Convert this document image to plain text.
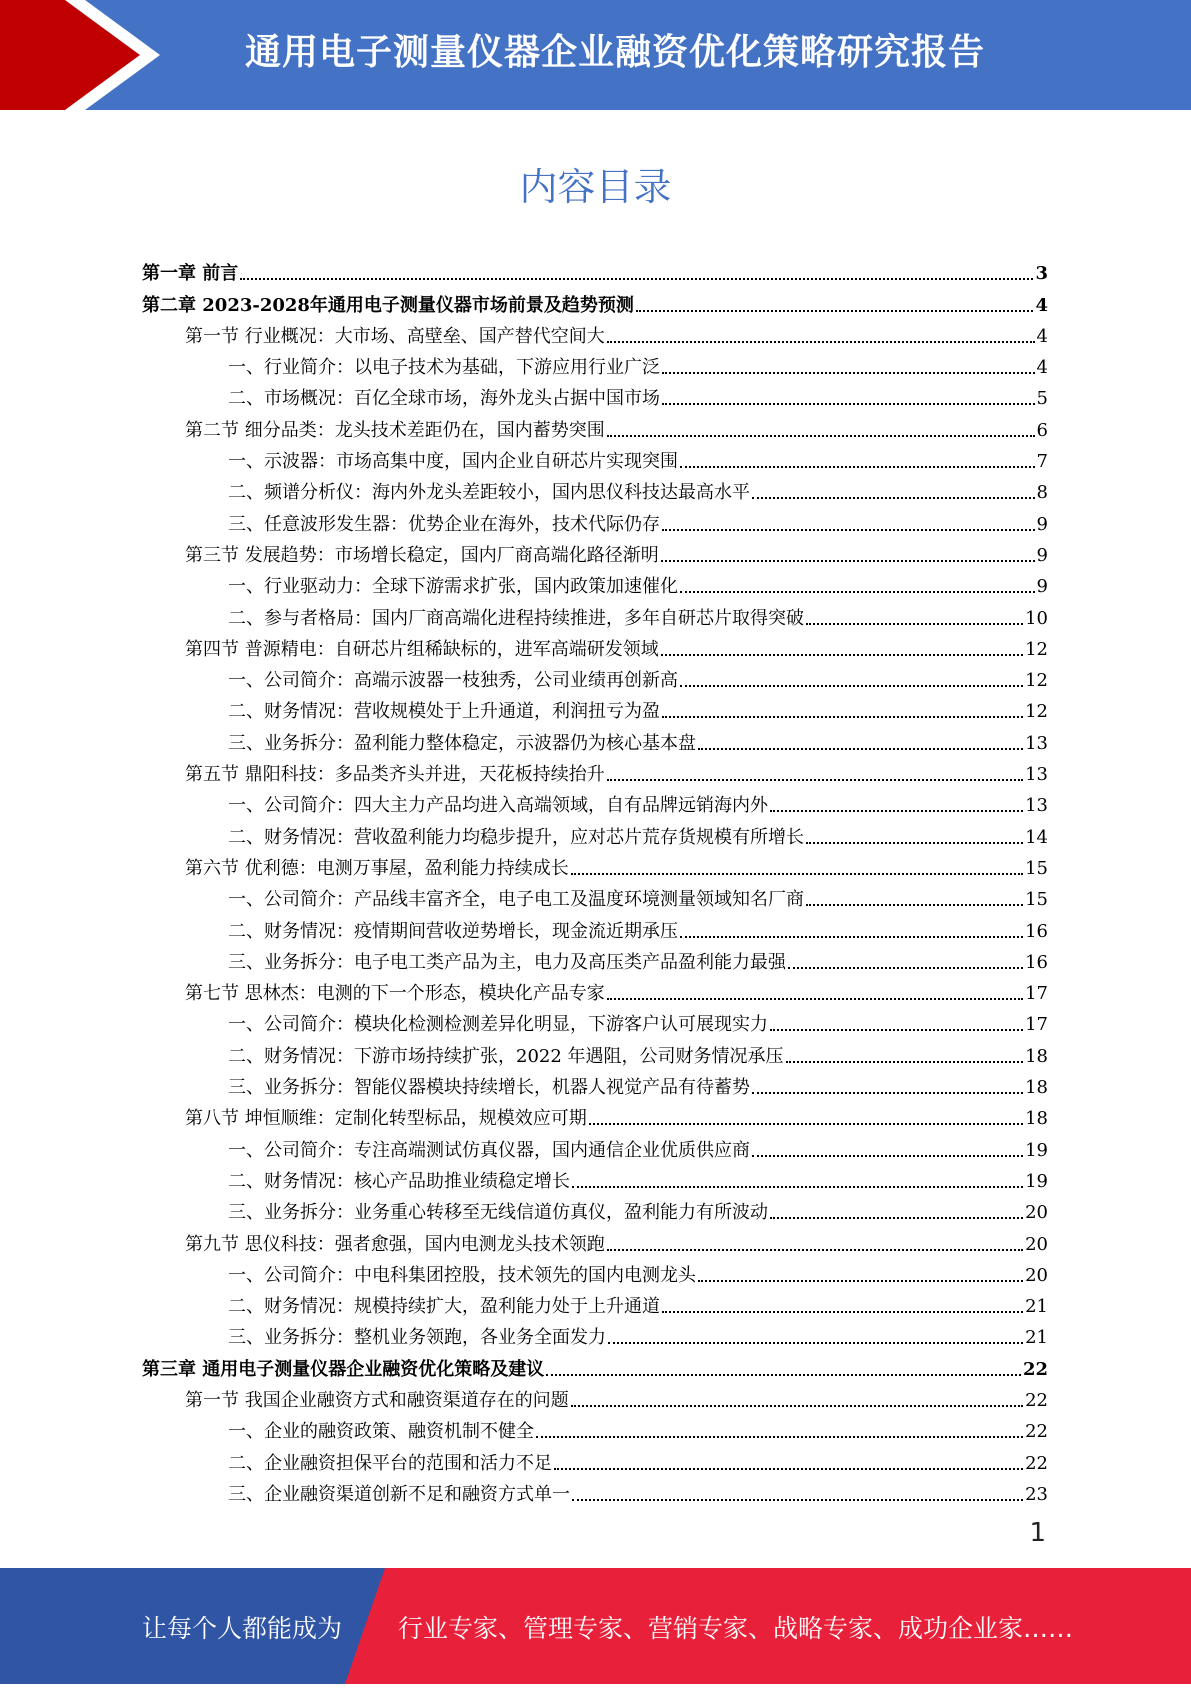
通用电子测量仪器企业融资优化策略研究报告
内容目录
第一章 前言	3
第二章 2023-2028年通用电子测量仪器市场前景及趋势预测	4
第一节 行业概况：大市场、高壁垒、国产替代空间大	4
一、行业简介：以电子技术为基础，下游应用行业广泛	4
二、市场概况：百亿全球市场，海外龙头占据中国市场	5
第二节 细分品类：龙头技术差距仍在，国内蓄势突围	6
一、示波器：市场高集中度，国内企业自研芯片实现突围	7
二、频谱分析仪：海内外龙头差距较小，国内思仪科技达最高水平	8
三、任意波形发生器：优势企业在海外，技术代际仍存	9
第三节 发展趋势：市场增长稳定，国内厂商高端化路径渐明	9
一、行业驱动力：全球下游需求扩张，国内政策加速催化	9
二、参与者格局：国内厂商高端化进程持续推进，多年自研芯片取得突破	10
第四节 普源精电：自研芯片组稀缺标的，进军高端研发领域	12
一、公司简介：高端示波器一枝独秀，公司业绩再创新高	12
二、财务情况：营收规模处于上升通道，利润扭亏为盈	12
三、业务拆分：盈利能力整体稳定，示波器仍为核心基本盘	13
第五节 鼎阳科技：多品类齐头并进，天花板持续抬升	13
一、公司简介：四大主力产品均进入高端领域，自有品牌远销海内外	13
二、财务情况：营收盈利能力均稳步提升，应对芯片荒存货规模有所增长	14
第六节 优利德：电测万事屋，盈利能力持续成长	15
一、公司简介：产品线丰富齐全，电子电工及温度环境测量领域知名厂商	15
二、财务情况：疫情期间营收逆势增长，现金流近期承压	16
三、业务拆分：电子电工类产品为主，电力及高压类产品盈利能力最强	16
第七节 思林杰：电测的下一个形态，模块化产品专家	17
一、公司简介：模块化检测检测差异化明显，下游客户认可展现实力	17
二、财务情况：下游市场持续扩张，2022 年遇阻，公司财务情况承压	18
三、业务拆分：智能仪器模块持续增长，机器人视觉产品有待蓄势	18
第八节 坤恒顺维：定制化转型标品，规模效应可期	18
一、公司简介：专注高端测试仿真仪器，国内通信企业优质供应商	19
二、财务情况：核心产品助推业绩稳定增长	19
三、业务拆分：业务重心转移至无线信道仿真仪，盈利能力有所波动	20
第九节 思仪科技：强者愈强，国内电测龙头技术领跑	20
一、公司简介：中电科集团控股，技术领先的国内电测龙头	20
二、财务情况：规模持续扩大，盈利能力处于上升通道	21
三、业务拆分：整机业务领跑，各业务全面发力	21
第三章 通用电子测量仪器企业融资优化策略及建议	22
第一节 我国企业融资方式和融资渠道存在的问题	22
一、企业的融资政策、融资机制不健全	22
二、企业融资担保平台的范围和活力不足	22
三、企业融资渠道创新不足和融资方式单一	23
1
让每个人都能成为 行业专家、管理专家、营销专家、战略专家、成功企业家……
